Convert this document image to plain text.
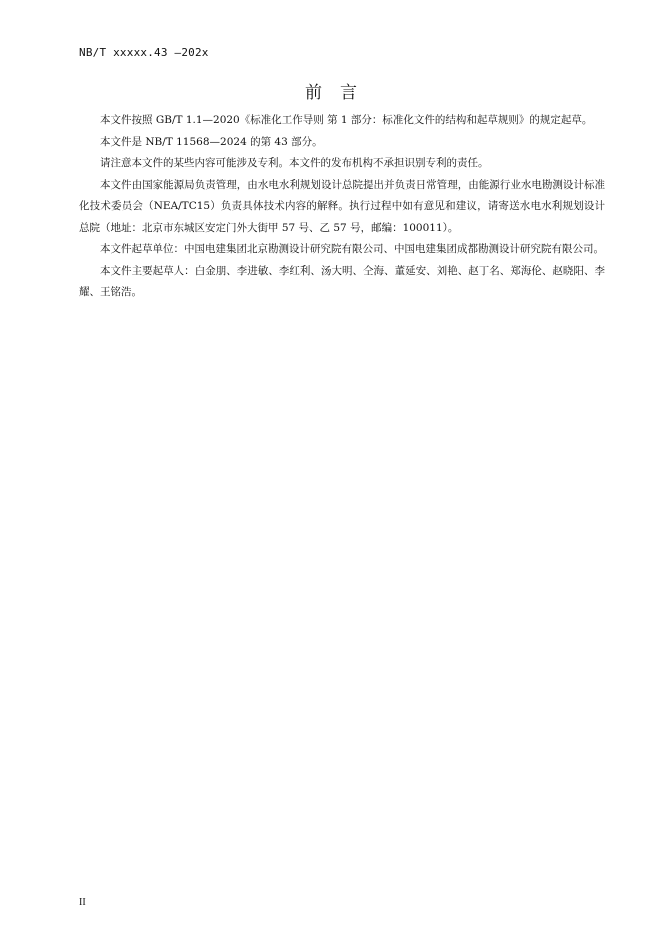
NB/T xxxxx.43 —202x
前言

本文件按照 GB/T 1.1—2020《标准化工作导则 第 1 部分：标准化文件的结构和起草规则》的规定起草。

本文件是 NB/T 11568—2024 的第 43 部分。

请注意本文件的某些内容可能涉及专利。本文件的发布机构不承担识别专利的责任。

本文件由国家能源局负责管理，由水电水利规划设计总院提出并负责日常管理，由能源行业水电勘测设计标准化技术委员会（NEA/TC15）负责具体技术内容的解释。执行过程中如有意见和建议，请寄送水电水利规划设计总院（地址：北京市东城区安定门外大街甲 57 号、乙 57 号，邮编：100011）。

本文件起草单位：中国电建集团北京勘测设计研究院有限公司、中国电建集团成都勘测设计研究院有限公司。

本文件主要起草人：白金朋、李进敏、李红利、汤大明、仝海、董延安、刘艳、赵丁名、郑海伦、赵晓阳、李耀、王铭浩。

II
